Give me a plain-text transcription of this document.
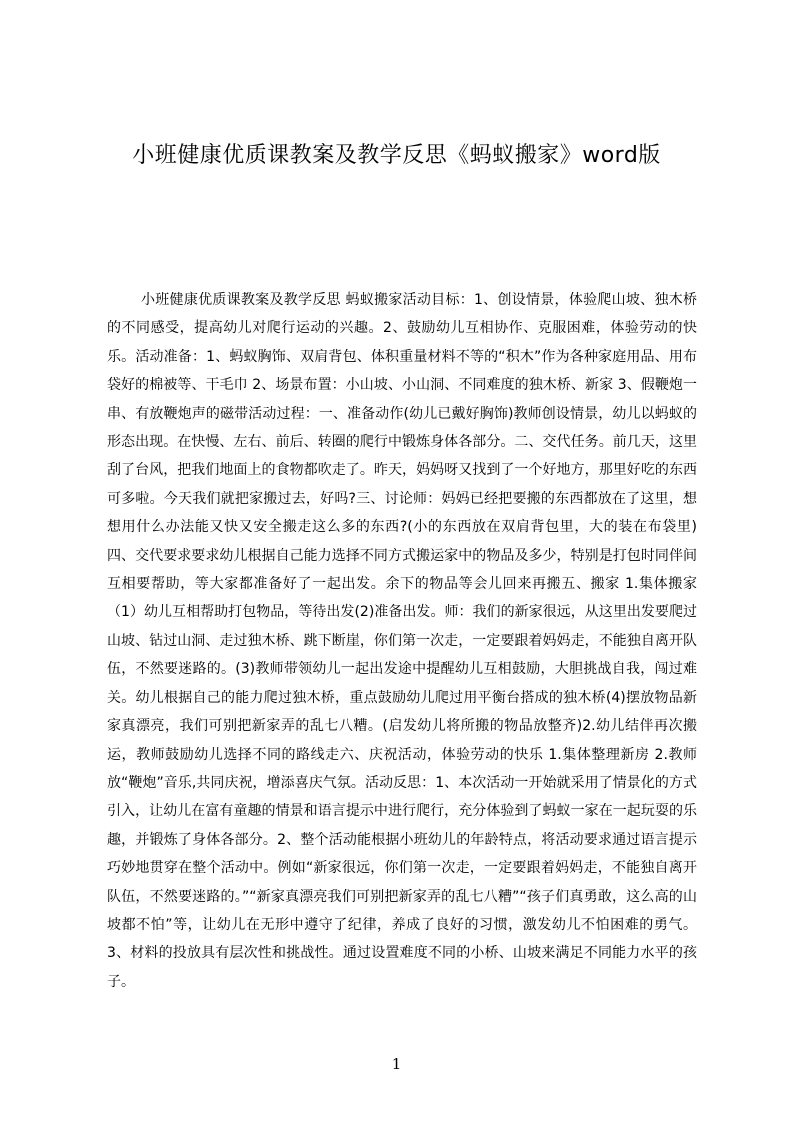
小班健康优质课教案及教学反思《蚂蚁搬家》word版

小班健康优质课教案及教学反思 蚂蚁搬家活动目标：1、创设情景，体验爬山坡、独木桥的不同感受，提高幼儿对爬行运动的兴趣。2、鼓励幼儿互相协作、克服困难，体验劳动的快乐。活动准备：1、蚂蚁胸饰、双肩背包、体积重量材料不等的“积木”作为各种家庭用品、用布袋好的棉被等、干毛巾 2、场景布置：小山坡、小山洞、不同难度的独木桥、新家 3、假鞭炮一串、有放鞭炮声的磁带活动过程：一、准备动作(幼儿已戴好胸饰)教师创设情景，幼儿以蚂蚁的形态出现。在快慢、左右、前后、转圈的爬行中锻炼身体各部分。二、交代任务。前几天，这里刮了台风，把我们地面上的食物都吹走了。昨天，妈妈呀又找到了一个好地方，那里好吃的东西可多啦。今天我们就把家搬过去，好吗?三、讨论师：妈妈已经把要搬的东西都放在了这里，想想用什么办法能又快又安全搬走这么多的东西?(小的东西放在双肩背包里，大的装在布袋里)四、交代要求要求幼儿根据自己能力选择不同方式搬运家中的物品及多少，特别是打包时同伴间互相要帮助，等大家都准备好了一起出发。余下的物品等会儿回来再搬五、搬家 1.集体搬家（1）幼儿互相帮助打包物品，等待出发(2)准备出发。师：我们的新家很远，从这里出发要爬过山坡、钻过山洞、走过独木桥、跳下断崖，你们第一次走，一定要跟着妈妈走，不能独自离开队伍，不然要迷路的。(3)教师带领幼儿一起出发途中提醒幼儿互相鼓励，大胆挑战自我，闯过难关。幼儿根据自己的能力爬过独木桥，重点鼓励幼儿爬过用平衡台搭成的独木桥(4)摆放物品新家真漂亮，我们可别把新家弄的乱七八糟。(启发幼儿将所搬的物品放整齐)2.幼儿结伴再次搬运，教师鼓励幼儿选择不同的路线走六、庆祝活动，体验劳动的快乐 1.集体整理新房 2.教师放“鞭炮”音乐,共同庆祝，增添喜庆气氛。活动反思：1、本次活动一开始就采用了情景化的方式引入，让幼儿在富有童趣的情景和语言提示中进行爬行，充分体验到了蚂蚁一家在一起玩耍的乐趣，并锻炼了身体各部分。2、整个活动能根据小班幼儿的年龄特点，将活动要求通过语言提示巧妙地贯穿在整个活动中。例如“新家很远，你们第一次走，一定要跟着妈妈走，不能独自离开队伍，不然要迷路的。”“新家真漂亮我们可别把新家弄的乱七八糟”“孩子们真勇敢，这么高的山坡都不怕”等，让幼儿在无形中遵守了纪律，养成了良好的习惯，激发幼儿不怕困难的勇气。3、材料的投放具有层次性和挑战性。通过设置难度不同的小桥、山坡来满足不同能力水平的孩子。

1
